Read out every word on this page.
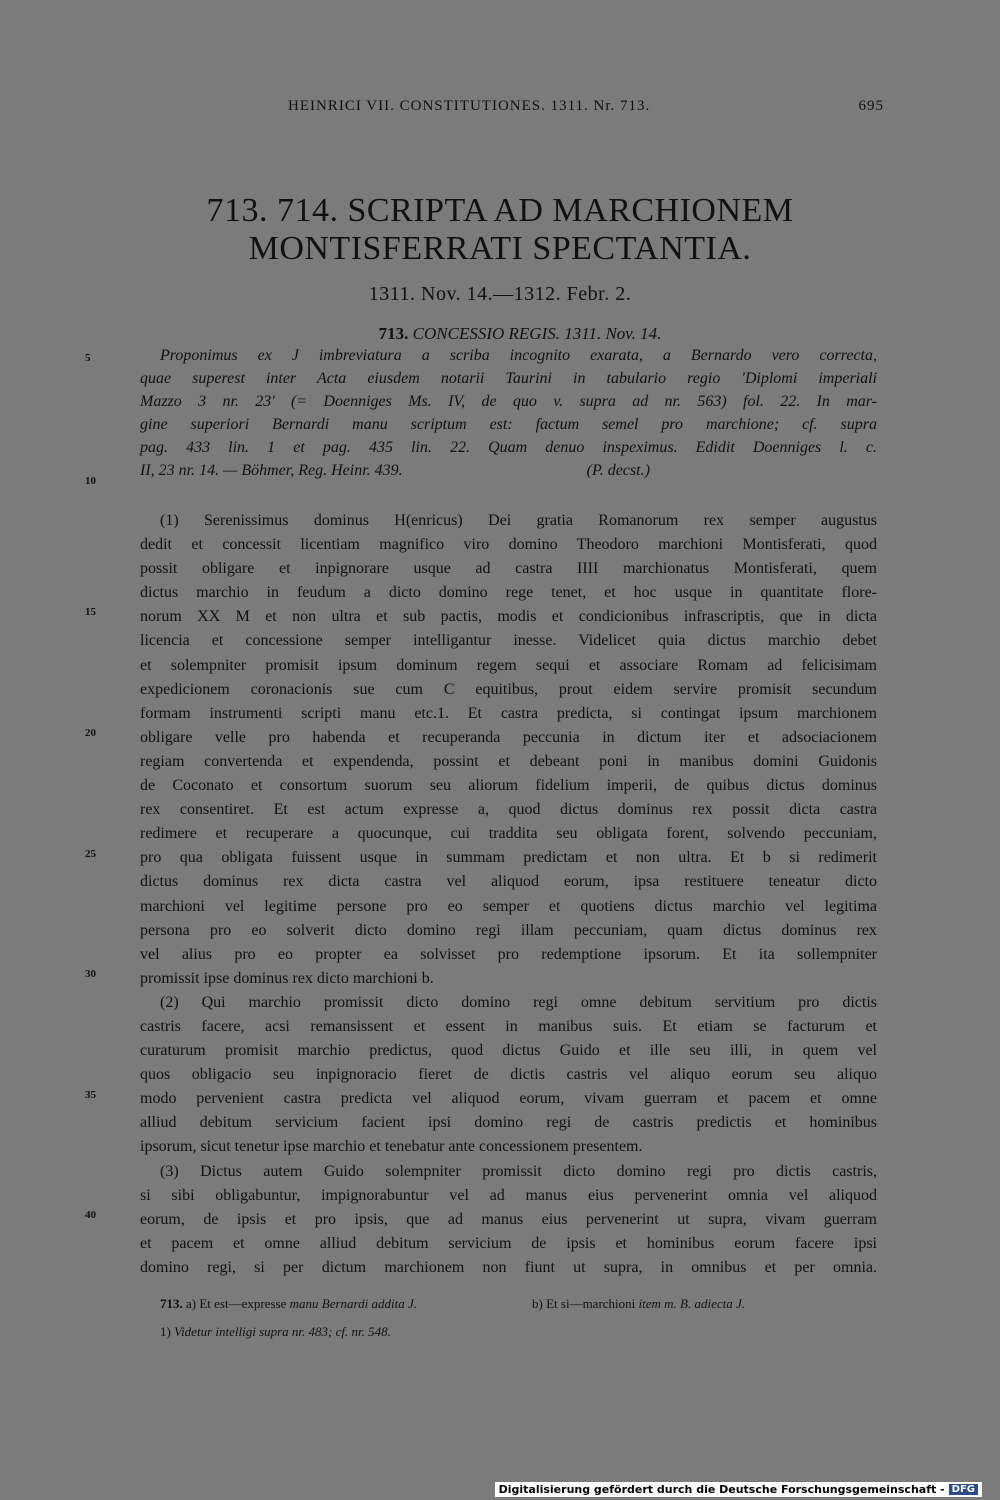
HEINRICI VII. CONSTITUTIONES. 1311. Nr. 713.	695
713. 714. SCRIPTA AD MARCHIONEM
MONTISFERRATI SPECTANTIA.
1311. Nov. 14.—1312. Febr. 2.
713. CONCESSIO REGIS. 1311. Nov. 14.
Proponimus ex J imbreviatura a scriba incognito exarata, a Bernardo vero correcta,
quae superest inter Acta eiusdem notarii Taurini in tabulario regio 'Diplomi imperiali
Mazzo 3 nr. 23' (= Doenniges Ms. IV, de quo v. supra ad nr. 563) fol. 22. In mar-
gine superiori Bernardi manu scriptum est: factum semel pro marchione; cf. supra
pag. 433 lin. 1 et pag. 435 lin. 22. Quam denuo inspeximus. Edidit Doenniges l. c.
II, 23 nr. 14. — Böhmer, Reg. Heinr. 439.                                              (P. decst.)
5
10
15
20
25
30
35
40
(1) Serenissimus dominus H(enricus) Dei gratia Romanorum rex semper augustus
dedit et concessit licentiam magnifico viro domino Theodoro marchioni Montisferati, quod
possit obligare et inpignorare usque ad castra IIII marchionatus Montisferati, quem
dictus marchio in feudum a dicto domino rege tenet, et hoc usque in quantitate flore-
norum XX M et non ultra et sub pactis, modis et condicionibus infrascriptis, que in dicta
licencia et concessione semper intelligantur inesse. Videlicet quia dictus marchio debet
et solempniter promisit ipsum dominum regem sequi et associare Romam ad felicisimam
expedicionem coronacionis sue cum C equitibus, prout eidem servire promisit secundum
formam instrumenti scripti manu etc.1. Et castra predicta, si contingat ipsum marchionem
obligare velle pro habenda et recuperanda peccunia in dictum iter et adsociacionem
regiam convertenda et expendenda, possint et debeant poni in manibus domini Guidonis
de Coconato et consortum suorum seu aliorum fidelium imperii, de quibus dictus dominus
rex consentiret. Et est actum expresse a, quod dictus dominus rex possit dicta castra
redimere et recuperare a quocunque, cui traddita seu obligata forent, solvendo peccuniam,
pro qua obligata fuissent usque in summam predictam et non ultra. Et b si redimerit
dictus dominus rex dicta castra vel aliquod eorum, ipsa restituere teneatur dicto
marchioni vel legitime persone pro eo semper et quotiens dictus marchio vel legitima
persona pro eo solverit dicto domino regi illam peccuniam, quam dictus dominus rex
vel alius pro eo propter ea solvisset pro redemptione ipsorum. Et ita sollempniter
promissit ipse dominus rex dicto marchioni b.
(2) Qui marchio promissit dicto domino regi omne debitum servitium pro dictis
castris facere, acsi remansissent et essent in manibus suis. Et etiam se facturum et
curaturum promisit marchio predictus, quod dictus Guido et ille seu illi, in quem vel
quos obligacio seu inpignoracio fieret de dictis castris vel aliquo eorum seu aliquo
modo pervenient castra predicta vel aliquod eorum, vivam guerram et pacem et omne
alliud debitum servicium facient ipsi domino regi de castris predictis et hominibus
ipsorum, sicut tenetur ipse marchio et tenebatur ante concessionem presentem.
(3) Dictus autem Guido solempniter promissit dicto domino regi pro dictis castris,
si sibi obligabuntur, impignorabuntur vel ad manus eius pervenerint omnia vel aliquod
eorum, de ipsis et pro ipsis, que ad manus eius pervenerint ut supra, vivam guerram
et pacem et omne alliud debitum servicium de ipsis et hominibus eorum facere ipsi
domino regi, si per dictum marchionem non fiunt ut supra, in omnibus et per omnia.
713. a) Et est—expresse manu Bernardi addita J.	b) Et si—marchioni item m. B. adiecta J.
1) Videtur intelligi supra nr. 483; cf. nr. 548.
Digitalisierung gefördert durch die Deutsche Forschungsgemeinschaft - DFG
